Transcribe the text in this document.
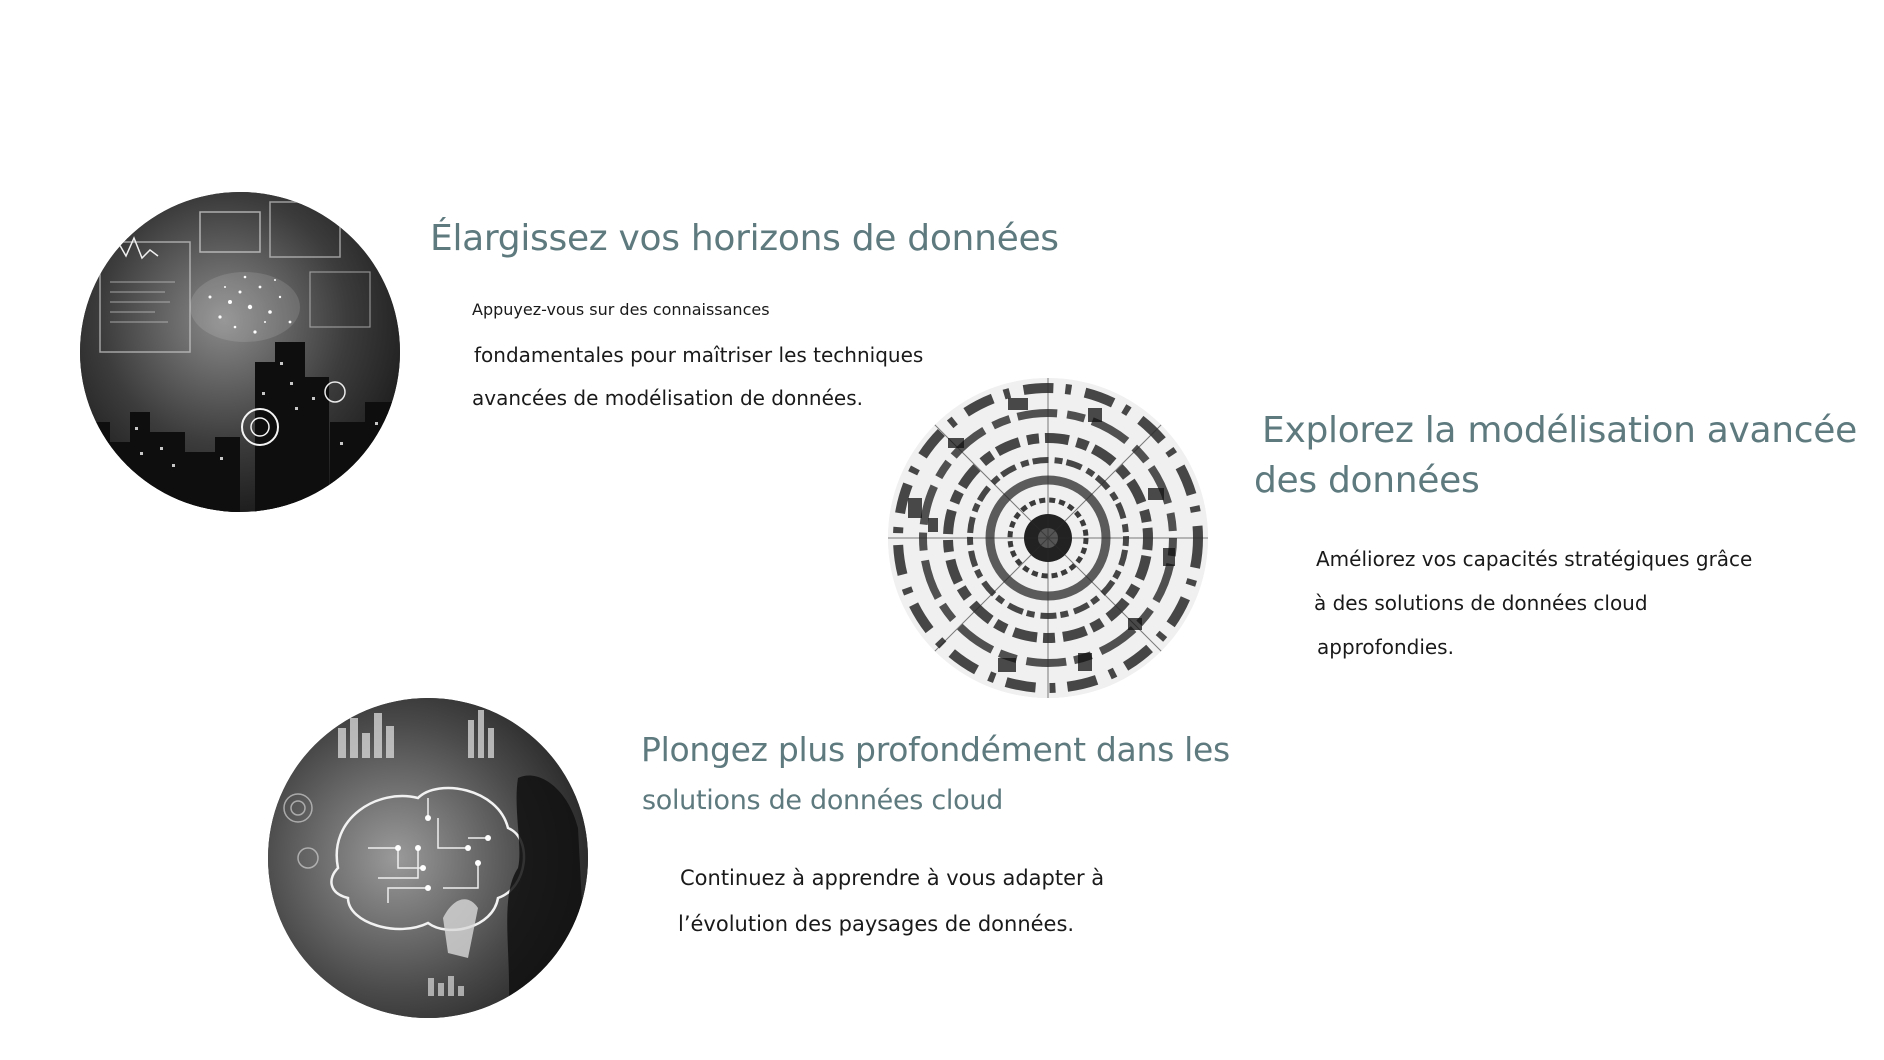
Élargissez vos horizons de données

Appuyez-vous sur des connaissances

fondamentales pour maîtriser les techniques

avancées de modélisation de données.

Explorez la modélisation avancée
des données

Améliorez vos capacités stratégiques grâce

à des solutions de données cloud

approfondies.

Plongez plus profondément dans les
solutions de données cloud

Continuez à apprendre à vous adapter à

l’évolution des paysages de données.
